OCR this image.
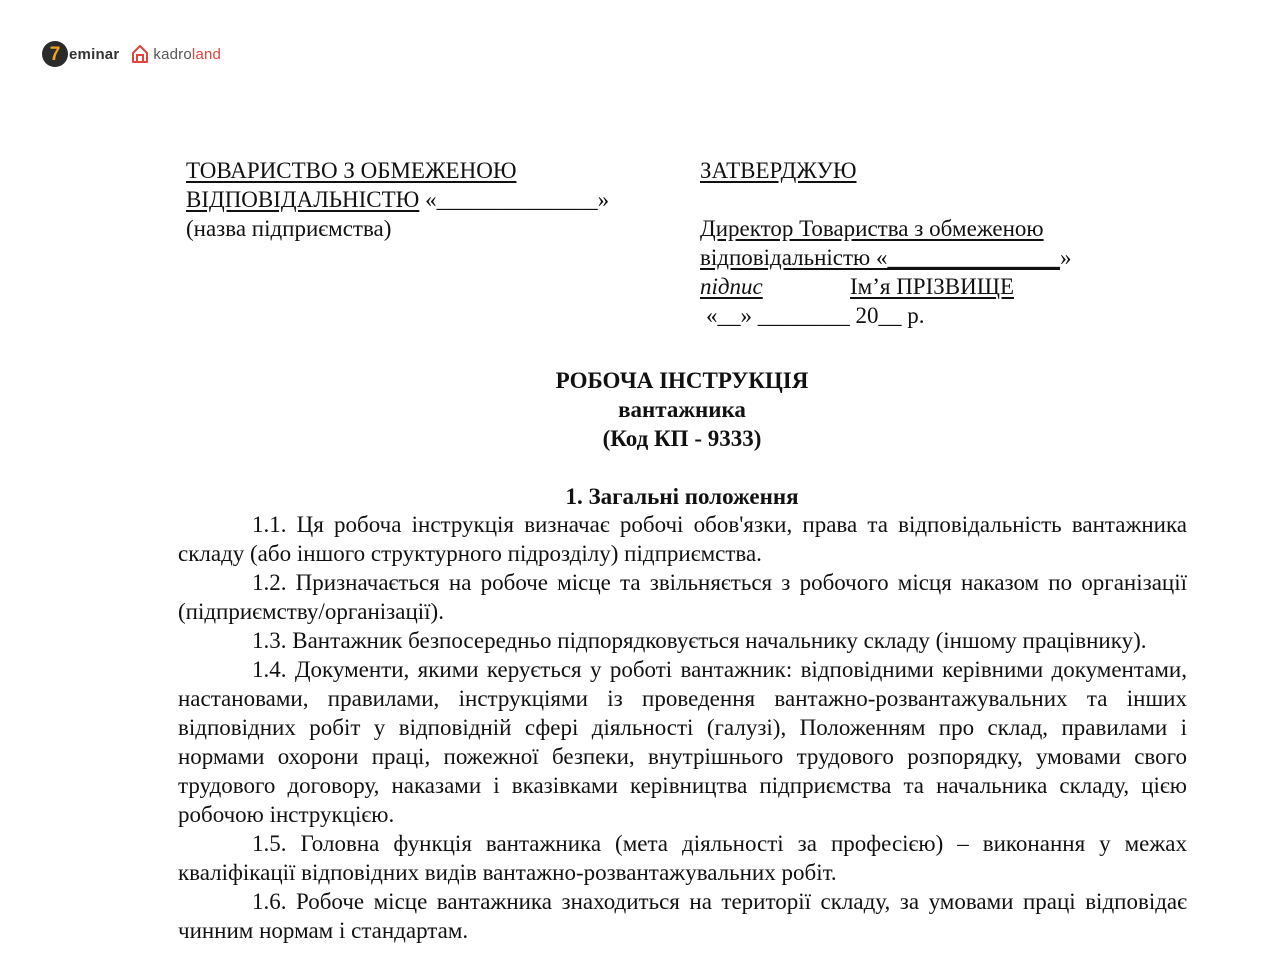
7 eminar kadroland
ТОВАРИСТВО З ОБМЕЖЕНОЮ
ВІДПОВІДАЛЬНІСТЮ «______________»
(назва підприємства)
ЗАТВЕРДЖУЮ
Директор Товариства з обмеженою
відповідальністю «_______________»
підпис	Ім’я ПРІЗВИЩЕ
«__» ________ 20__ р.
РОБОЧА ІНСТРУКЦІЯ
вантажника
(Код КП - 9333)
1. Загальні положення

1.1. Ця робоча інструкція визначає робочі обов'язки, права та відповідальність вантажника складу (або іншого структурного підрозділу) підприємства.

1.2. Призначається на робоче місце та звільняється з робочого місця наказом по організації (підприємству/організації).

1.3. Вантажник безпосередньо підпорядковується начальнику складу (іншому працівнику).

1.4. Документи, якими керується у роботі вантажник: відповідними керівними документами, настановами, правилами, інструкціями із проведення вантажно-розвантажувальних та інших відповідних робіт у відповідній сфері діяльності (галузі), Положенням про склад, правилами і нормами охорони праці, пожежної безпеки, внутрішнього трудового розпорядку, умовами свого трудового договору, наказами і вказівками керівництва підприємства та начальника складу, цією робочою інструкцією.

1.5. Головна функція вантажника (мета діяльності за професією) – виконання у межах кваліфікації відповідних видів вантажно-розвантажувальних робіт.

1.6. Робоче місце вантажника знаходиться на території складу, за умовами праці відповідає чинним нормам і стандартам.
